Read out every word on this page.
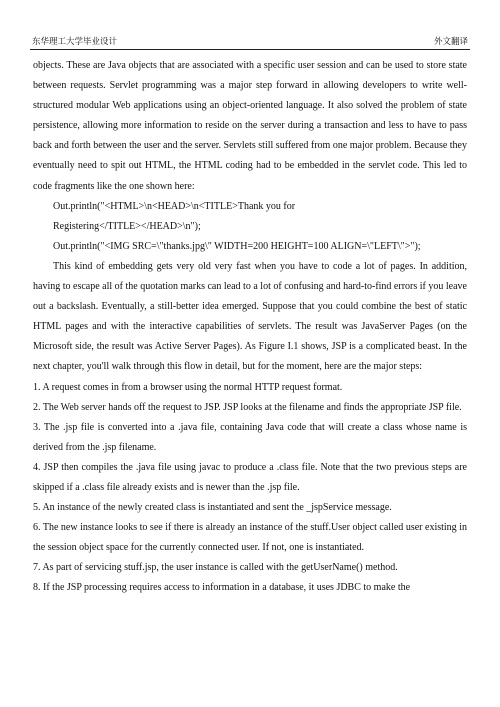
东华理工大学毕业设计	外文翻译

objects. These are Java objects that are associated with a specific user session and can be used to store state between requests. Servlet programming was a major step forward in allowing developers to write well-structured modular Web applications using an object-oriented language. It also solved the problem of state persistence, allowing more information to reside on the server during a transaction and less to have to pass back and forth between the user and the server. Servlets still suffered from one major problem. Because they eventually need to spit out HTML, the HTML coding had to be embedded in the servlet code. This led to code fragments like the one shown here:

Out.println("<HTML>\n<HEAD>\n<TITLE>Thank you for

Registering</TITLE></HEAD>\n");

Out.println("<IMG SRC=\"thanks.jpg\" WIDTH=200 HEIGHT=100 ALIGN=\"LEFT\">");

This kind of embedding gets very old very fast when you have to code a lot of pages. In addition, having to escape all of the quotation marks can lead to a lot of confusing and hard-to-find errors if you leave out a backslash. Eventually, a still-better idea emerged. Suppose that you could combine the best of static HTML pages and with the interactive capabilities of servlets. The result was JavaServer Pages (on the Microsoft side, the result was Active Server Pages). As Figure I.1 shows, JSP is a complicated beast. In the next chapter, you'll walk through this flow in detail, but for the moment, here are the major steps:

1. A request comes in from a browser using the normal HTTP request format.

2. The Web server hands off the request to JSP. JSP looks at the filename and finds the appropriate JSP file.

3. The .jsp file is converted into a .java file, containing Java code that will create a class whose name is derived from the .jsp filename.

4. JSP then compiles the .java file using javac to produce a .class file. Note that the two previous steps are skipped if a .class file already exists and is newer than the .jsp file.

5. An instance of the newly created class is instantiated and sent the _jspService message.

6. The new instance looks to see if there is already an instance of the stuff.User object called user existing in the session object space for the currently connected user. If not, one is instantiated.

7. As part of servicing stuff.jsp, the user instance is called with the getUserName() method.

8. If the JSP processing requires access to information in a database, it uses JDBC to make the
